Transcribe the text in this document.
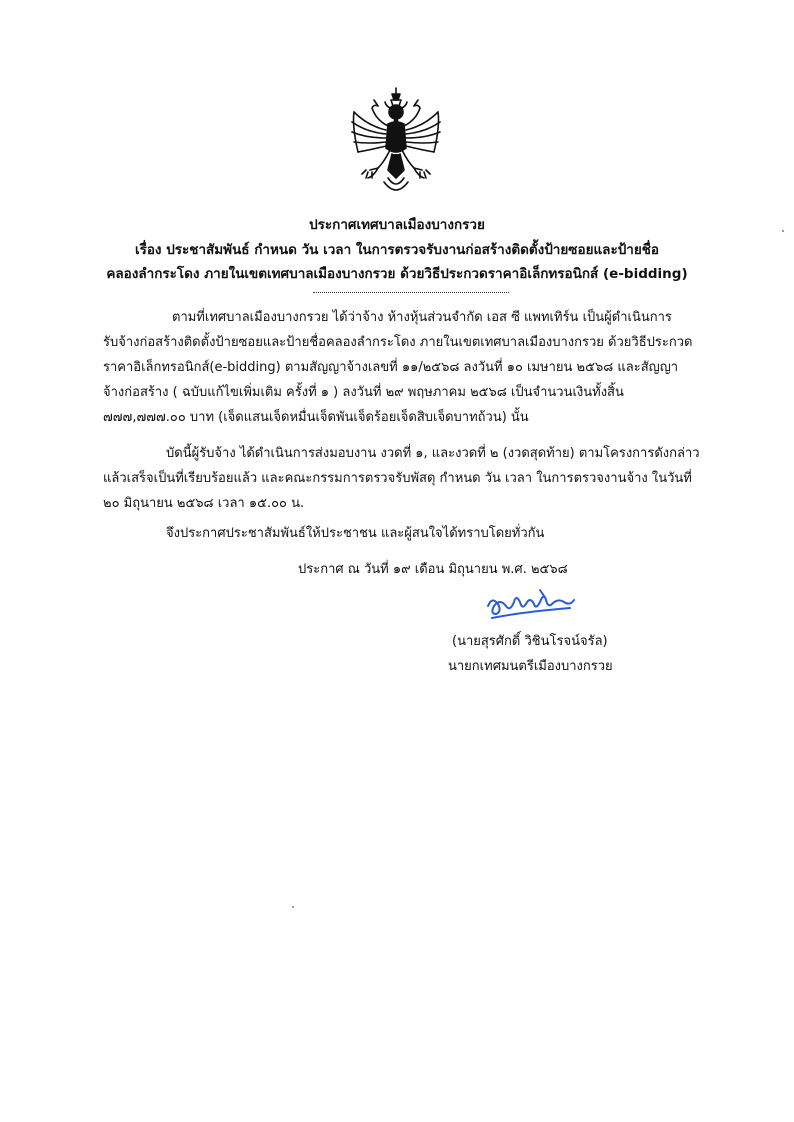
ประกาศเทศบาลเมืองบางกรวย
เรื่อง ประชาสัมพันธ์ กำหนด วัน เวลา ในการตรวจรับงานก่อสร้างติดตั้งป้ายซอยและป้ายชื่อ
คลองลำกระโดง ภายในเขตเทศบาลเมืองบางกรวย ด้วยวิธีประกวดราคาอิเล็กทรอนิกส์ (e-bidding)
ตามที่เทศบาลเมืองบางกรวย ได้ว่าจ้าง ห้างหุ้นส่วนจำกัด เอส ซี แพทเทิร์น เป็นผู้ดำเนินการ
รับจ้างก่อสร้างติดตั้งป้ายซอยและป้ายชื่อคลองลำกระโดง ภายในเขตเทศบาลเมืองบางกรวย ด้วยวิธีประกวด
ราคาอิเล็กทรอนิกส์(e-bidding) ตามสัญญาจ้างเลขที่ ๑๑/๒๕๖๘ ลงวันที่ ๑๐ เมษายน ๒๕๖๘ และสัญญา
จ้างก่อสร้าง ( ฉบับแก้ไขเพิ่มเติม ครั้งที่ ๑ ) ลงวันที่ ๒๙ พฤษภาคม ๒๕๖๘ เป็นจำนวนเงินทั้งสิ้น
๗๗๗,๗๗๗.๐๐ บาท (เจ็ดแสนเจ็ดหมื่นเจ็ดพันเจ็ดร้อยเจ็ดสิบเจ็ดบาทถ้วน) นั้น
บัดนี้ผู้รับจ้าง ได้ดำเนินการส่งมอบงาน งวดที่ ๑, และงวดที่ ๒ (งวดสุดท้าย) ตามโครงการดังกล่าว
แล้วเสร็จเป็นที่เรียบร้อยแล้ว และคณะกรรมการตรวจรับพัสดุ กำหนด วัน เวลา ในการตรวจงานจ้าง ในวันที่
๒๐ มิถุนายน ๒๕๖๘ เวลา ๑๕.๐๐ น.
จึงประกาศประชาสัมพันธ์ให้ประชาชน และผู้สนใจได้ทราบโดยทั่วกัน
ประกาศ ณ วันที่ ๑๙ เดือน มิถุนายน พ.ศ. ๒๕๖๘
(นายสุรศักดิ์ วิชินโรจน์จรัล)
นายกเทศมนตรีเมืองบางกรวย
